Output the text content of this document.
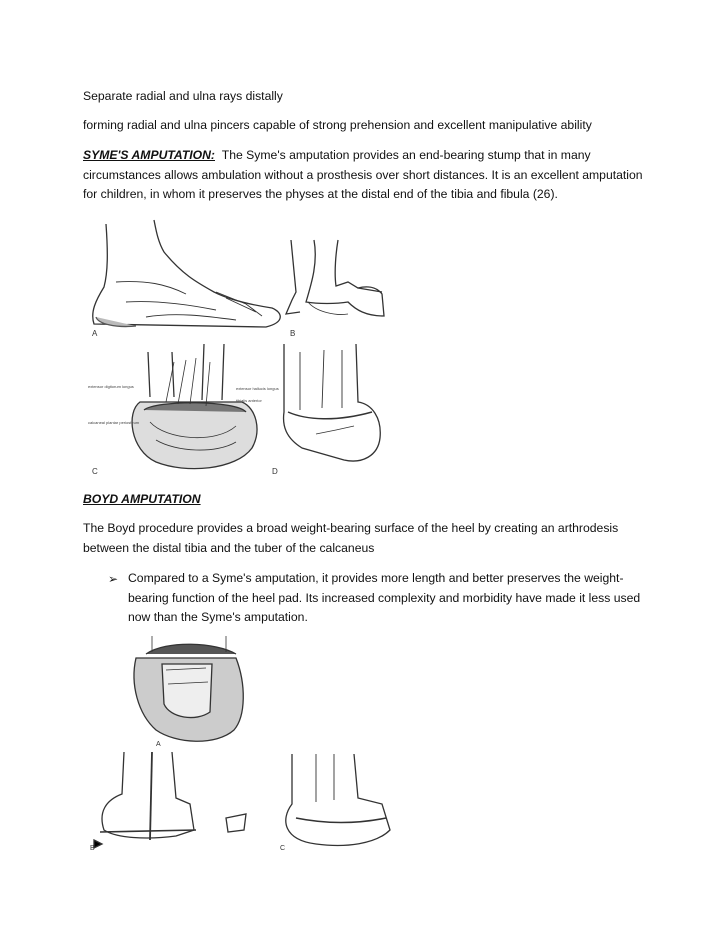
Separate radial and ulna rays distally
forming radial and ulna pincers capable of strong prehension and excellent manipulative ability
SYME'S AMPUTATION: The Syme's amputation provides an end-bearing stump that in many circumstances allows ambulation without a prosthesis over short distances. It is an excellent amputation for children, in whom it preserves the physes at the distal end of the tibia and fibula (26).
A	B
C	D
extensor digitorum longus	extensor hallucis longus
tibialis anterior
calcaneal plantar periosteum
BOYD AMPUTATION
The Boyd procedure provides a broad weight-bearing surface of the heel by creating an arthrodesis between the distal tibia and the tuber of the calcaneus
➢ Compared to a Syme's amputation, it provides more length and better preserves the weight-bearing function of the heel pad. Its increased complexity and morbidity have made it less used now than the Syme's amputation.
A
B	C
